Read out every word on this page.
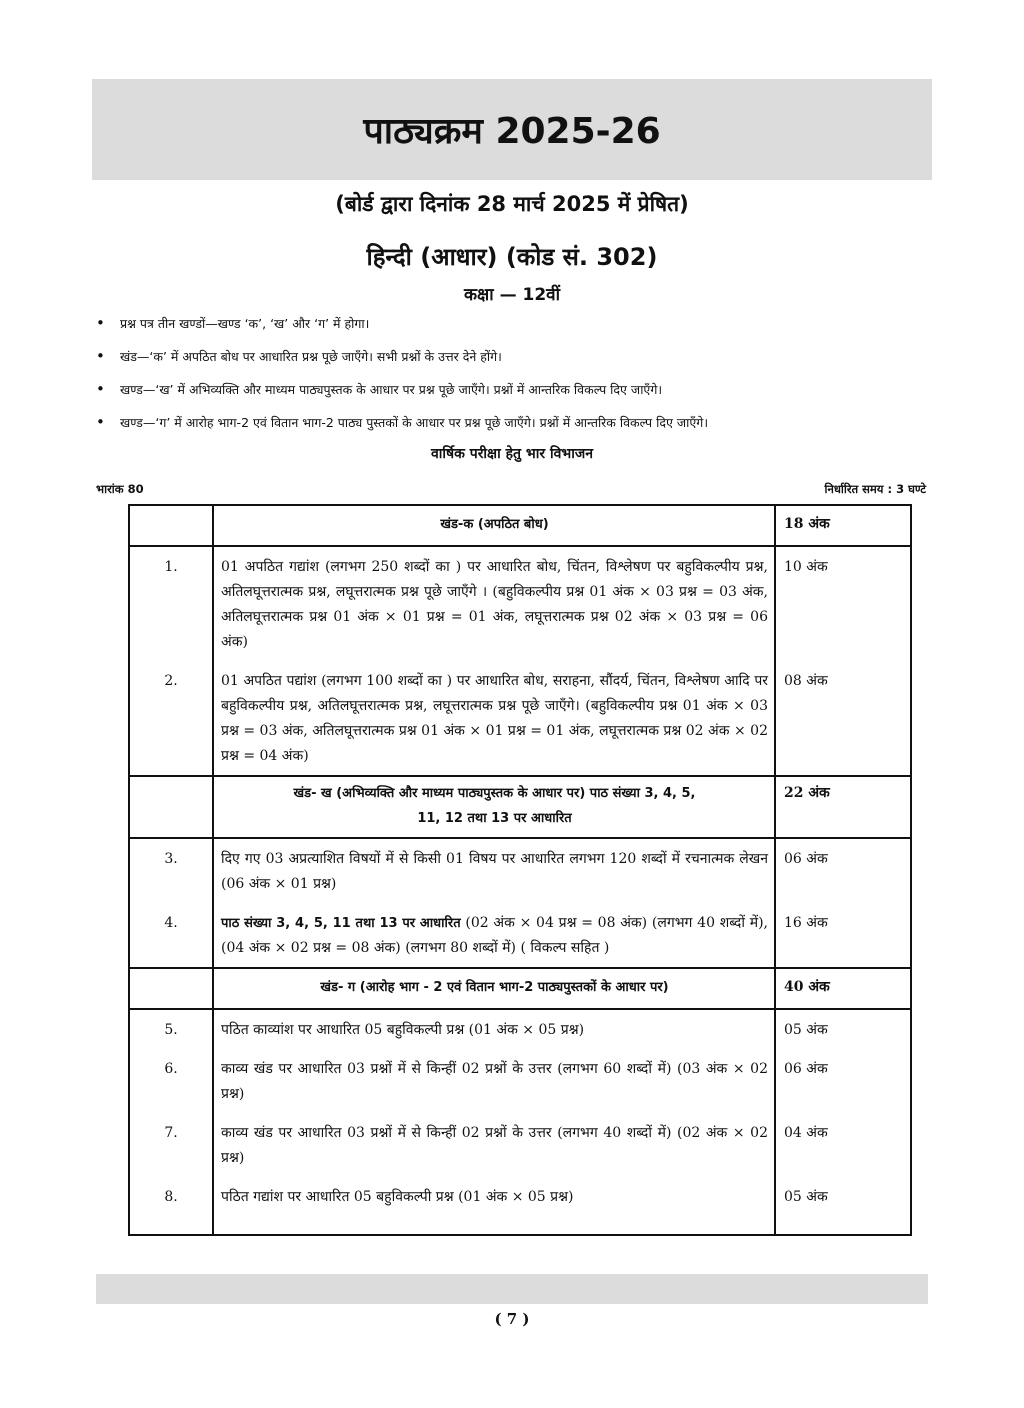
पाठ्यक्रम 2025-26
(बोर्ड द्वारा दिनांक 28 मार्च 2025 में प्रेषित)
हिन्दी (आधार) (कोड सं. 302)
कक्षा — 12वीं
• प्रश्न पत्र तीन खण्डों—खण्ड ‘क’, ‘ख’ और ‘ग’ में होगा।
• खंड—‘क’ में अपठित बोध पर आधारित प्रश्न पूछे जाएँगे। सभी प्रश्नों के उत्तर देने होंगे।
• खण्ड—‘ख’ में अभिव्यक्ति और माध्यम पाठ्यपुस्तक के आधार पर प्रश्न पूछे जाएँगे। प्रश्नों में आन्तरिक विकल्प दिए जाएँगे।
• खण्ड—‘ग’ में आरोह भाग-2 एवं वितान भाग-2 पाठ्य पुस्तकों के आधार पर प्रश्न पूछे जाएँगे। प्रश्नों में आन्तरिक विकल्प दिए जाएँगे।
वार्षिक परीक्षा हेतु भार विभाजन
भारांक 80	निर्धारित समय : 3 घण्टे

	खंड-क (अपठित बोध)	18 अंक

1.	01 अपठित गद्यांश (लगभग 250 शब्दों का ) पर आधारित बोध, चिंतन, विश्लेषण पर बहुविकल्पीय प्रश्न, अतिलघूत्तरात्मक प्रश्न, लघूत्तरात्मक प्रश्न पूछे जाएँगे । (बहुविकल्पीय प्रश्न 01 अंक × 03 प्रश्न = 03 अंक, अतिलघूत्तरात्मक प्रश्न 01 अंक × 01 प्रश्न = 01 अंक, लघूत्तरात्मक प्रश्न 02 अंक × 03 प्रश्न = 06 अंक)	10 अंक

2.	01 अपठित पद्यांश (लगभग 100 शब्दों का ) पर आधारित बोध, सराहना, सौंदर्य, चिंतन, विश्लेषण आदि पर बहुविकल्पीय प्रश्न, अतिलघूत्तरात्मक प्रश्न, लघूत्तरात्मक प्रश्न पूछे जाएँगे। (बहुविकल्पीय प्रश्न 01 अंक × 03 प्रश्न = 03 अंक, अतिलघूत्तरात्मक प्रश्न 01 अंक × 01 प्रश्न = 01 अंक, लघूत्तरात्मक प्रश्न 02 अंक × 02 प्रश्न = 04 अंक)	08 अंक

	खंड- ख (अभिव्यक्ति और माध्यम पाठ्यपुस्तक के आधार पर) पाठ संख्या 3, 4, 5,
11, 12 तथा 13 पर आधारित	22 अंक

3.	दिए गए 03 अप्रत्याशित विषयों में से किसी 01 विषय पर आधारित लगभग 120 शब्दों में रचनात्मक लेखन (06 अंक × 01 प्रश्न)	06 अंक

4.	पाठ संख्या 3, 4, 5, 11 तथा 13 पर आधारित (02 अंक × 04 प्रश्न = 08 अंक) (लगभग 40 शब्दों में), (04 अंक × 02 प्रश्न = 08 अंक) (लगभग 80 शब्दों में) ( विकल्प सहित )	16 अंक

	खंड- ग (आरोह भाग - 2 एवं वितान भाग-2 पाठ्यपुस्तकों के आधार पर)	40 अंक

5.	पठित काव्यांश पर आधारित 05 बहुविकल्पी प्रश्न (01 अंक × 05 प्रश्न)	05 अंक

6.	काव्य खंड पर आधारित 03 प्रश्नों में से किन्हीं 02 प्रश्नों के उत्तर (लगभग 60 शब्दों में) (03 अंक × 02 प्रश्न)	06 अंक

7.	काव्य खंड पर आधारित 03 प्रश्नों में से किन्हीं 02 प्रश्नों के उत्तर (लगभग 40 शब्दों में) (02 अंक × 02 प्रश्न)	04 अंक

8.	पठित गद्यांश पर आधारित 05 बहुविकल्पी प्रश्न (01 अंक × 05 प्रश्न)	05 अंक
( 7 )
